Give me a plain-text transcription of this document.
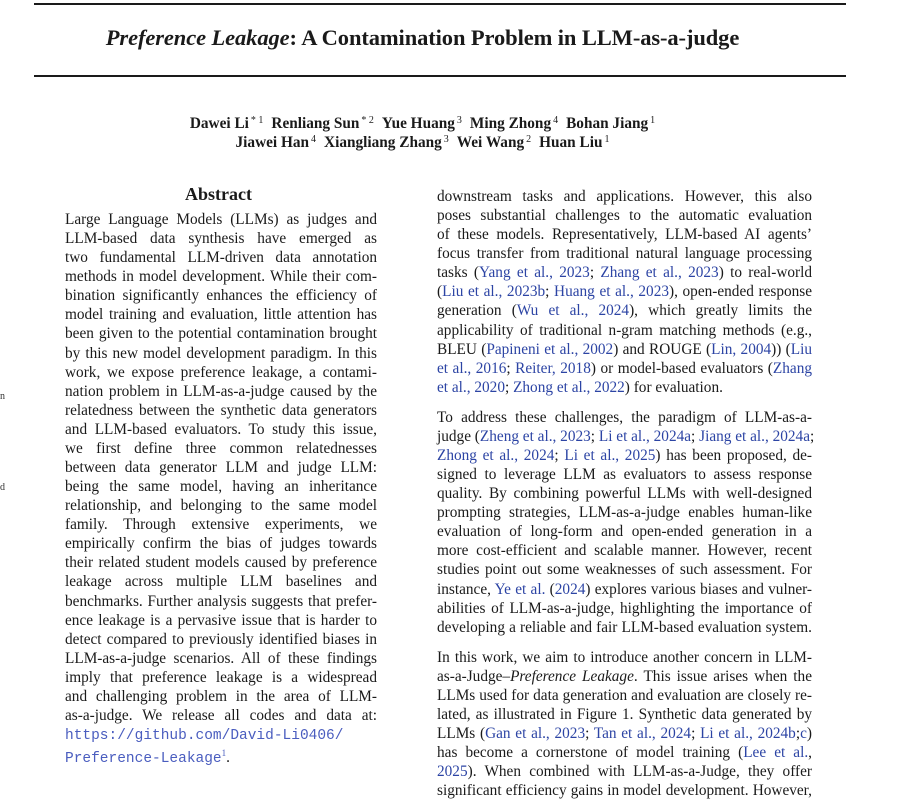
Preference Leakage: A Contamination Problem in LLM-as-a-judge
Dawei Li $^{* 1}$ Renliang Sun $^{* 2}$ Yue Huang $^3$ Ming Zhong $^4$ Bohan Jiang $^1$
Jiawei Han $^4$ Xiangliang Zhang $^3$ Wei Wang $^2$ Huan Liu $^1$
n
d
Abstract
Large Language Models (LLMs) as judges and
LLM-based data synthesis have emerged as
two fundamental LLM-driven data annotation
methods in model development. While their com-
bination significantly enhances the efficiency of
model training and evaluation, little attention has
been given to the potential contamination brought
by this new model development paradigm. In this
work, we expose preference leakage, a contami-
nation problem in LLM-as-a-judge caused by the
relatedness between the synthetic data generators
and LLM-based evaluators. To study this issue,
we first define three common relatednesses
between data generator LLM and judge LLM:
being the same model, having an inheritance
relationship, and belonging to the same model
family. Through extensive experiments, we
empirically confirm the bias of judges towards
their related student models caused by preference
leakage across multiple LLM baselines and
benchmarks. Further analysis suggests that prefer-
ence leakage is a pervasive issue that is harder to
detect compared to previously identified biases in
LLM-as-a-judge scenarios. All of these findings
imply that preference leakage is a widespread
and challenging problem in the area of LLM-
as-a-judge. We release all codes and data at:
https://github.com/David-Li0406/
Preference-Leakage$^1$.
downstream tasks and applications. However, this also
poses substantial challenges to the automatic evaluation
of these models. Representatively, LLM-based AI agents’
focus transfer from traditional natural language processing
tasks (Yang et al., 2023; Zhang et al., 2023) to real-world
(Liu et al., 2023b; Huang et al., 2023), open-ended response
generation (Wu et al., 2024), which greatly limits the
applicability of traditional n-gram matching methods (e.g.,
BLEU (Papineni et al., 2002) and ROUGE (Lin, 2004)) (Liu
et al., 2016; Reiter, 2018) or model-based evaluators (Zhang
et al., 2020; Zhong et al., 2022) for evaluation.
To address these challenges, the paradigm of LLM-as-a-
judge (Zheng et al., 2023; Li et al., 2024a; Jiang et al., 2024a;
Zhong et al., 2024; Li et al., 2025) has been proposed, de-
signed to leverage LLM as evaluators to assess response
quality. By combining powerful LLMs with well-designed
prompting strategies, LLM-as-a-judge enables human-like
evaluation of long-form and open-ended generation in a
more cost-efficient and scalable manner. However, recent
studies point out some weaknesses of such assessment. For
instance, Ye et al. (2024) explores various biases and vulner-
abilities of LLM-as-a-judge, highlighting the importance of
developing a reliable and fair LLM-based evaluation system.
In this work, we aim to introduce another concern in LLM-
as-a-Judge–Preference Leakage. This issue arises when the
LLMs used for data generation and evaluation are closely re-
lated, as illustrated in Figure 1. Synthetic data generated by
LLMs (Gan et al., 2023; Tan et al., 2024; Li et al., 2024b;c)
has become a cornerstone of model training (Lee et al.,
2025). When combined with LLM-as-a-Judge, they offer
significant efficiency gains in model development. However,
